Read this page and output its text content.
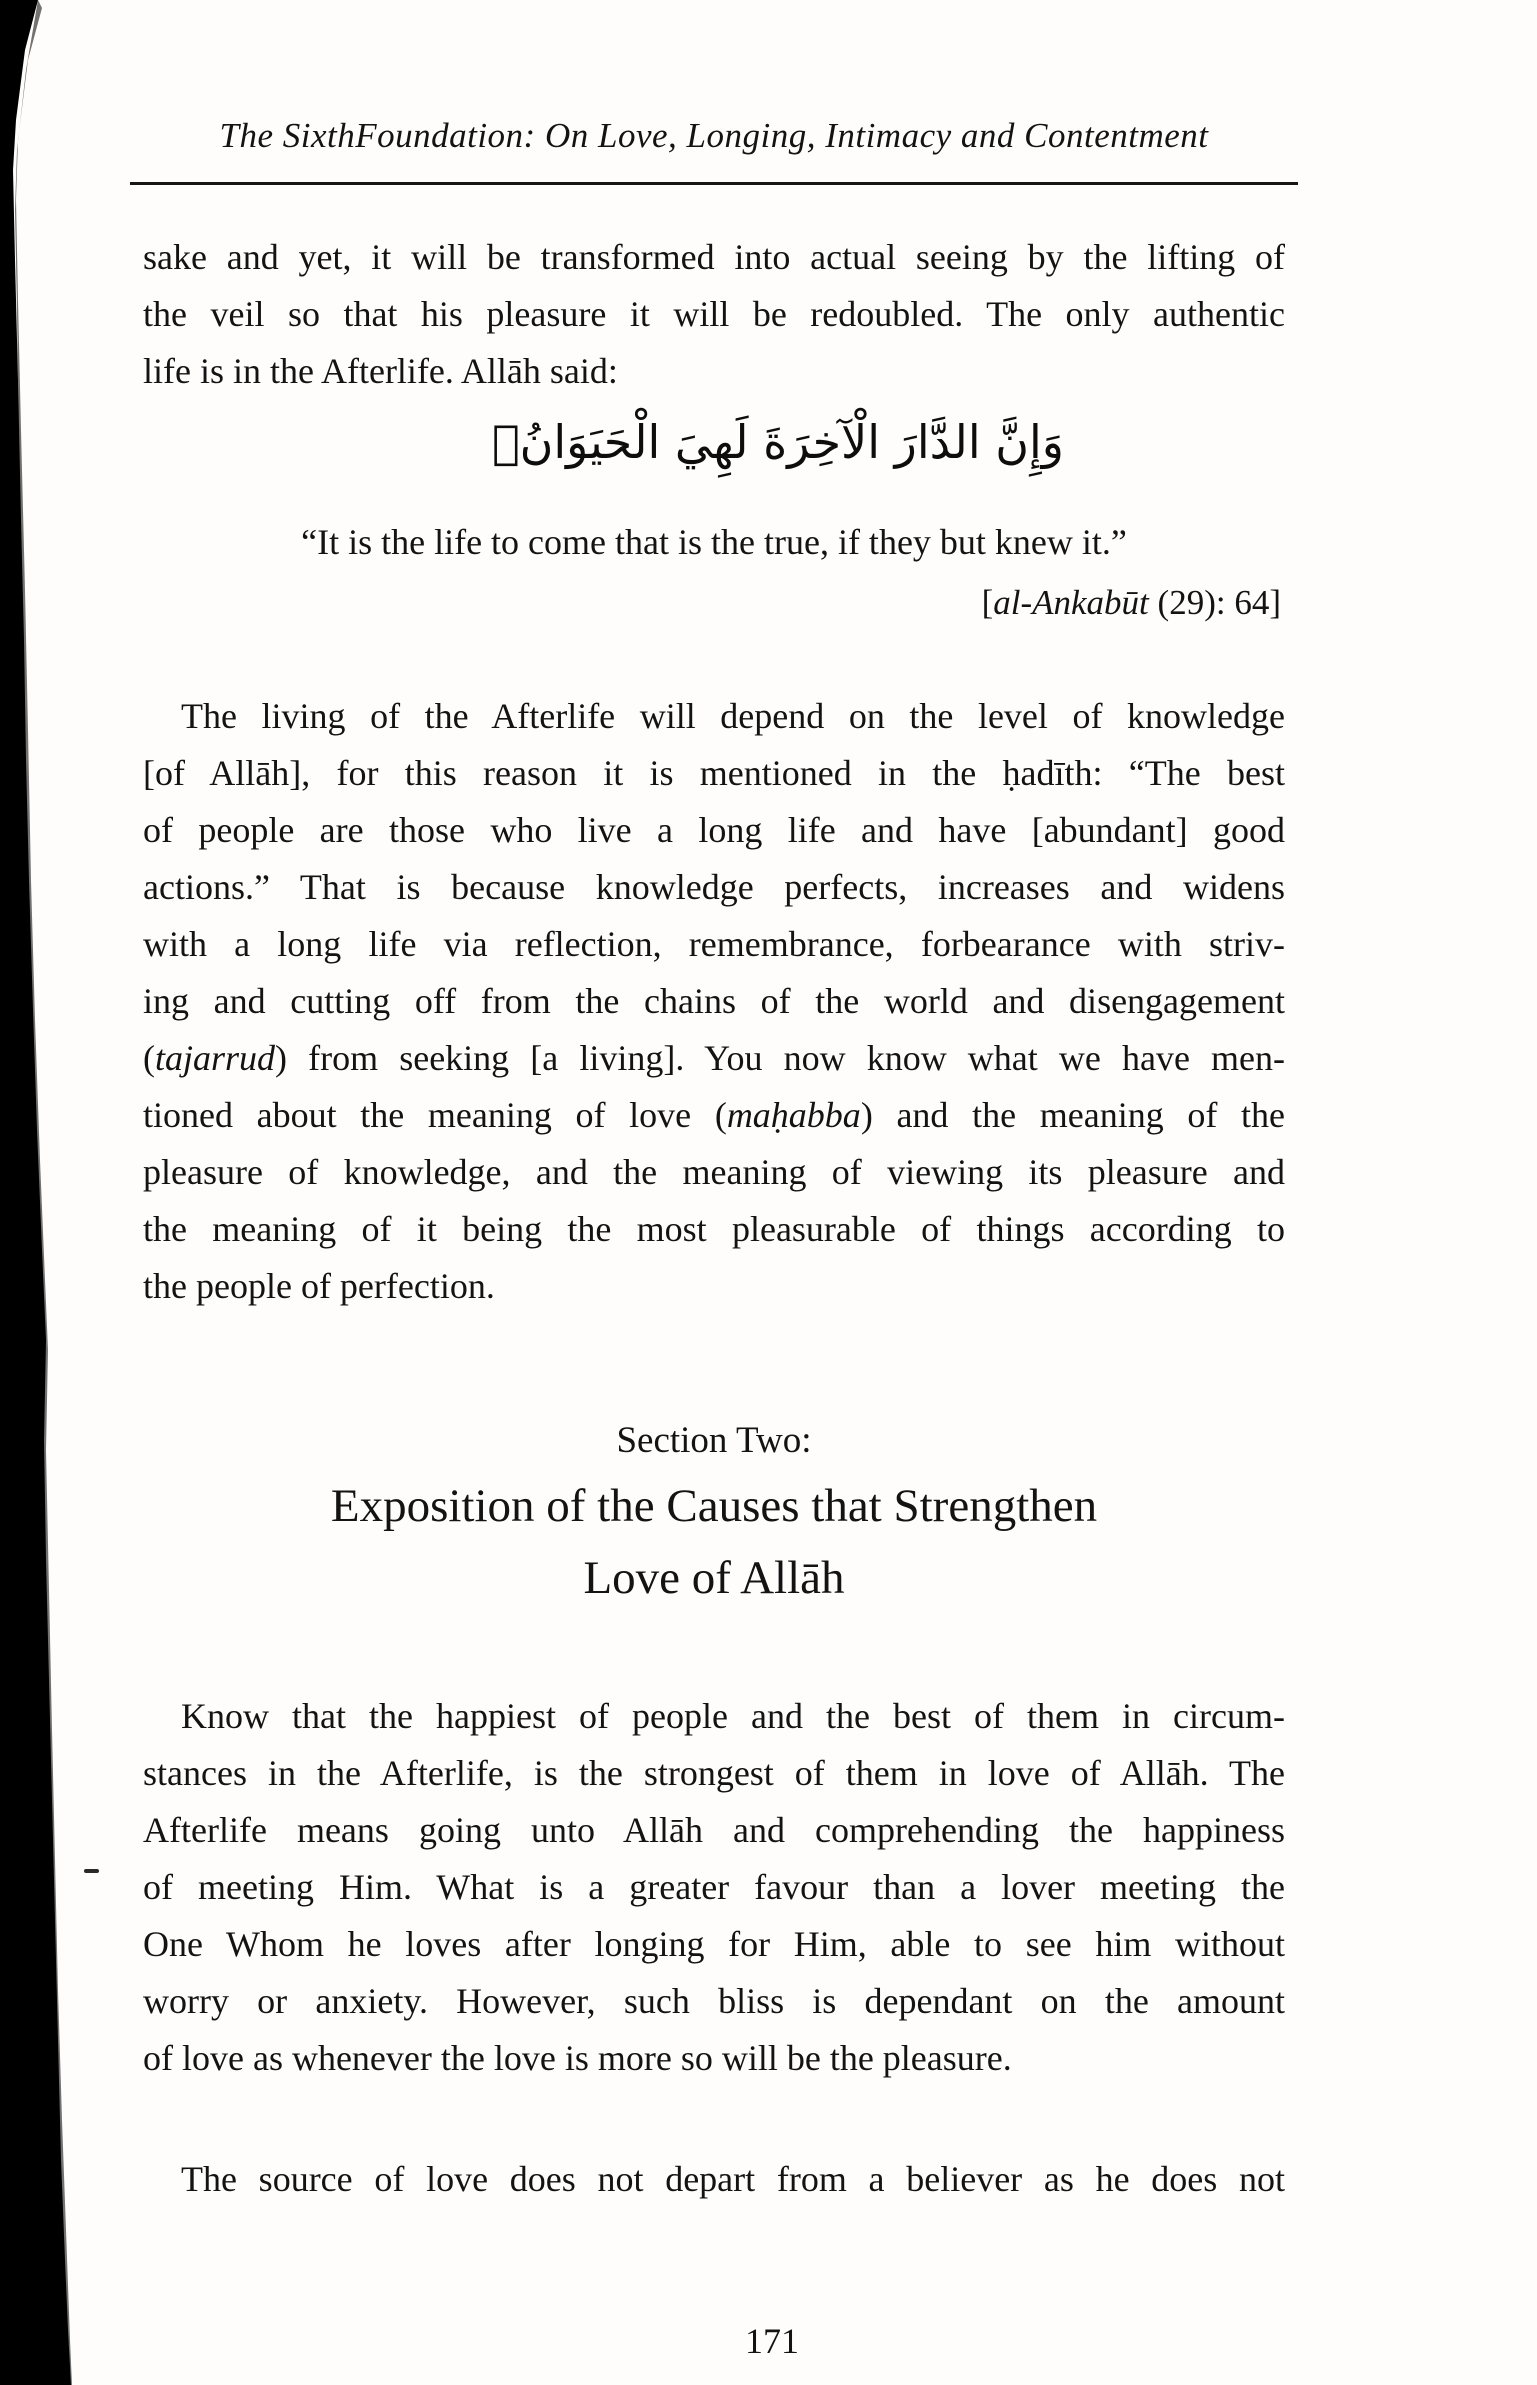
The SixthFoundation: On Love, Longing, Intimacy and Contentment
sake and yet, it will be transformed into actual seeing by the lifting of
the veil so that his pleasure it will be redoubled. The only authentic
life is in the Afterlife. Allāh said:
وَإِنَّ الدَّارَ الْآخِرَةَ لَهِيَ الْحَيَوَانُۚ
“It is the life to come that is the true, if they but knew it.”
[al-Ankabūt (29): 64]
The living of the Afterlife will depend on the level of knowledge
[of Allāh], for this reason it is mentioned in the ḥadīth: “The best
of people are those who live a long life and have [abundant] good
actions.” That is because knowledge perfects, increases and widens
with a long life via reflection, remembrance, forbearance with striv-
ing and cutting off from the chains of the world and disengagement
(tajarrud) from seeking [a living]. You now know what we have men-
tioned about the meaning of love (maḥabba) and the meaning of the
pleasure of knowledge, and the meaning of viewing its pleasure and
the meaning of it being the most pleasurable of things according to
the people of perfection.
Section Two:
Exposition of the Causes that Strengthen
Love of Allāh
Know that the happiest of people and the best of them in circum-
stances in the Afterlife, is the strongest of them in love of Allāh. The
Afterlife means going unto Allāh and comprehending the happiness
of meeting Him. What is a greater favour than a lover meeting the
One Whom he loves after longing for Him, able to see him without
worry or anxiety. However, such bliss is dependant on the amount
of love as whenever the love is more so will be the pleasure.
The source of love does not depart from a believer as he does not
171
